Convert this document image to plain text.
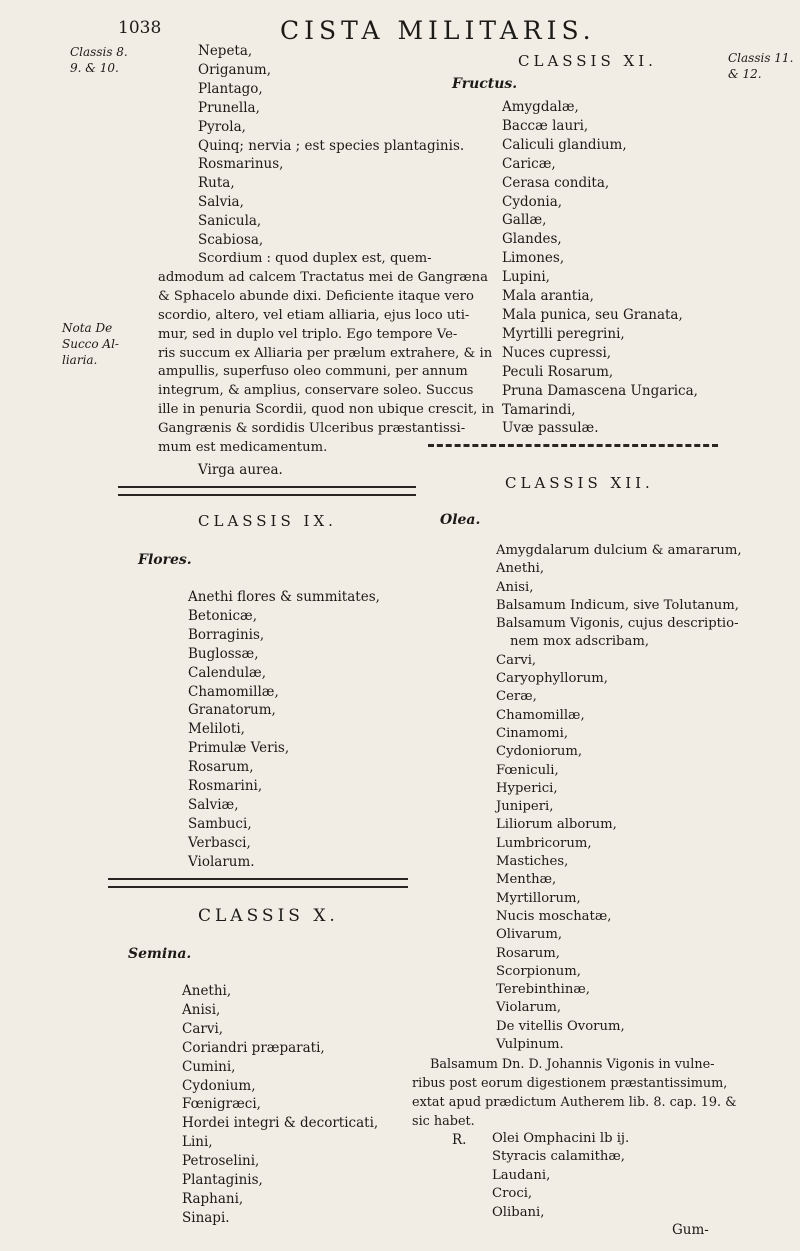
1038	CISTA MILITARIS.
Classis 8.
9. & 10.
Classis 11.
& 12.
Nota De
Succo Al-
liaria.
Nepeta,
Origanum,
Plantago,
Prunella,
Pyrola,
Quinq; nervia ; est species plantaginis.
Rosmarinus,
Ruta,
Salvia,
Sanicula,
Scabiosa,
Scordium : quod duplex est, quem-
admodum ad calcem Tractatus mei de Gangræna
& Sphacelo abunde dixi. Deficiente itaque vero
scordio, altero, vel etiam alliaria, ejus loco uti-
mur, sed in duplo vel triplo. Ego tempore Ve-
ris succum ex Alliaria per prælum extrahere, & in
ampullis, superfuso oleo communi, per annum
integrum, & amplius, conservare soleo. Succus
ille in penuria Scordii, quod non ubique crescit, in
Gangrænis & sordidis Ulceribus præstantissi-
mum est medicamentum.
Virga aurea.
CLASSIS IX.
Flores.
Anethi flores & summitates,
Betonicæ,
Borraginis,
Buglossæ,
Calendulæ,
Chamomillæ,
Granatorum,
Meliloti,
Primulæ Veris,
Rosarum,
Rosmarini,
Salviæ,
Sambuci,
Verbasci,
Violarum.
CLASSIS X.
Semina.
Anethi,
Anisi,
Carvi,
Coriandri præparati,
Cumini,
Cydonium,
Fœnigræci,
Hordei integri & decorticati,
Lini,
Petroselini,
Plantaginis,
Raphani,
Sinapi.
CLASSIS XI.
Fructus.
Amygdalæ,
Baccæ lauri,
Caliculi glandium,
Caricæ,
Cerasa condita,
Cydonia,
Gallæ,
Glandes,
Limones,
Lupini,
Mala arantia,
Mala punica, seu Granata,
Myrtilli peregrini,
Nuces cupressi,
Peculi Rosarum,
Pruna Damascena Ungarica,
Tamarindi,
Uvæ passulæ.
CLASSIS XII.
Olea.
Amygdalarum dulcium & amararum,
Anethi,
Anisi,
Balsamum Indicum, sive Tolutanum,
Balsamum Vigonis, cujus descriptio-
nem mox adscribam,
Carvi,
Caryophyllorum,
Ceræ,
Chamomillæ,
Cinamomi,
Cydoniorum,
Fœniculi,
Hyperici,
Juniperi,
Liliorum alborum,
Lumbricorum,
Mastiches,
Menthæ,
Myrtillorum,
Nucis moschatæ,
Olivarum,
Rosarum,
Scorpionum,
Terebinthinæ,
Violarum,
De vitellis Ovorum,
Vulpinum.
Balsamum Dn. D. Johannis Vigonis in vulne-
ribus post eorum digestionem præstantissimum,
extat apud prædictum Autherem lib. 8. cap. 19. &
sic habet.
R. Olei Omphacini lb ij.
Styracis calamithæ,
Laudani,
Croci,
Olibani,
Gum-
